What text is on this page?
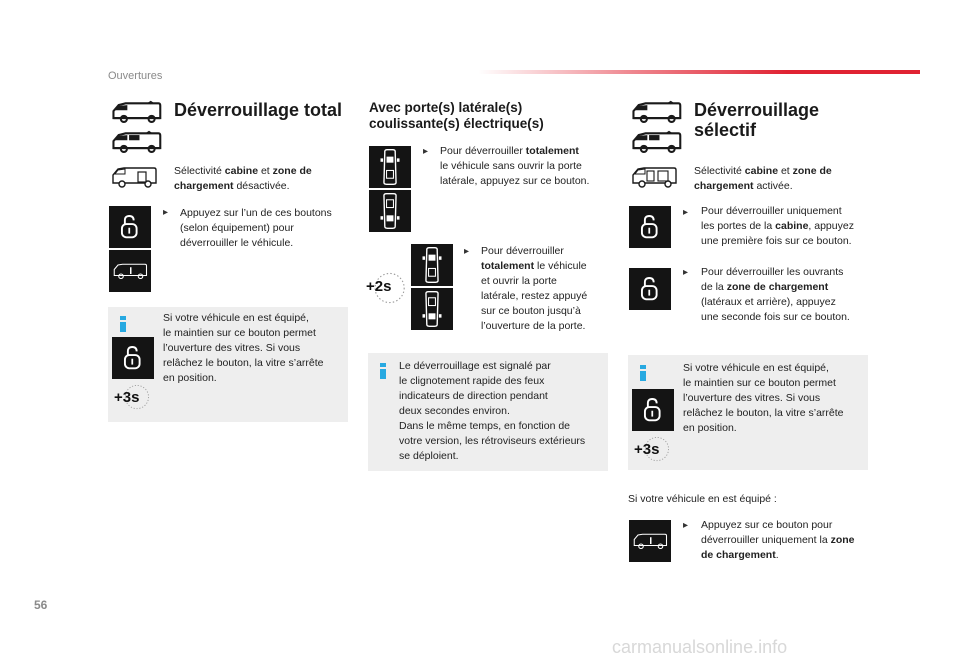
Ouvertures
Déverrouillage total
Sélectivité cabine et zone de chargement désactivée.
▸ Appuyez sur l’un de ces boutons
(selon équipement) pour
déverrouiller le véhicule.
+3s
Si votre véhicule en est équipé,
le maintien sur ce bouton permet
l’ouverture des vitres. Si vous
relâchez le bouton, la vitre s’arrête
en position.
Avec porte(s) latérale(s)
coulissante(s) électrique(s)
▸ Pour déverrouiller totalement
le véhicule sans ouvrir la porte
latérale, appuyez sur ce bouton.
+2s
▸ Pour déverrouiller
totalement le véhicule
et ouvrir la porte
latérale, restez appuyé
sur ce bouton jusqu’à
l’ouverture de la porte.
Le déverrouillage est signalé par
le clignotement rapide des feux
indicateurs de direction pendant
deux secondes environ.
Dans le même temps, en fonction de
votre version, les rétroviseurs extérieurs
se déploient.
Déverrouillage
sélectif
Sélectivité cabine et zone de
chargement activée.
▸ Pour déverrouiller uniquement
les portes de la cabine, appuyez
une première fois sur ce bouton.
▸ Pour déverrouiller les ouvrants
de la zone de chargement
(latéraux et arrière), appuyez
une seconde fois sur ce bouton.
+3s
Si votre véhicule en est équipé,
le maintien sur ce bouton permet
l’ouverture des vitres. Si vous
relâchez le bouton, la vitre s’arrête
en position.
Si votre véhicule en est équipé :
▸ Appuyez sur ce bouton pour
déverrouiller uniquement la zone
de chargement.
56
carmanualsonline.info
